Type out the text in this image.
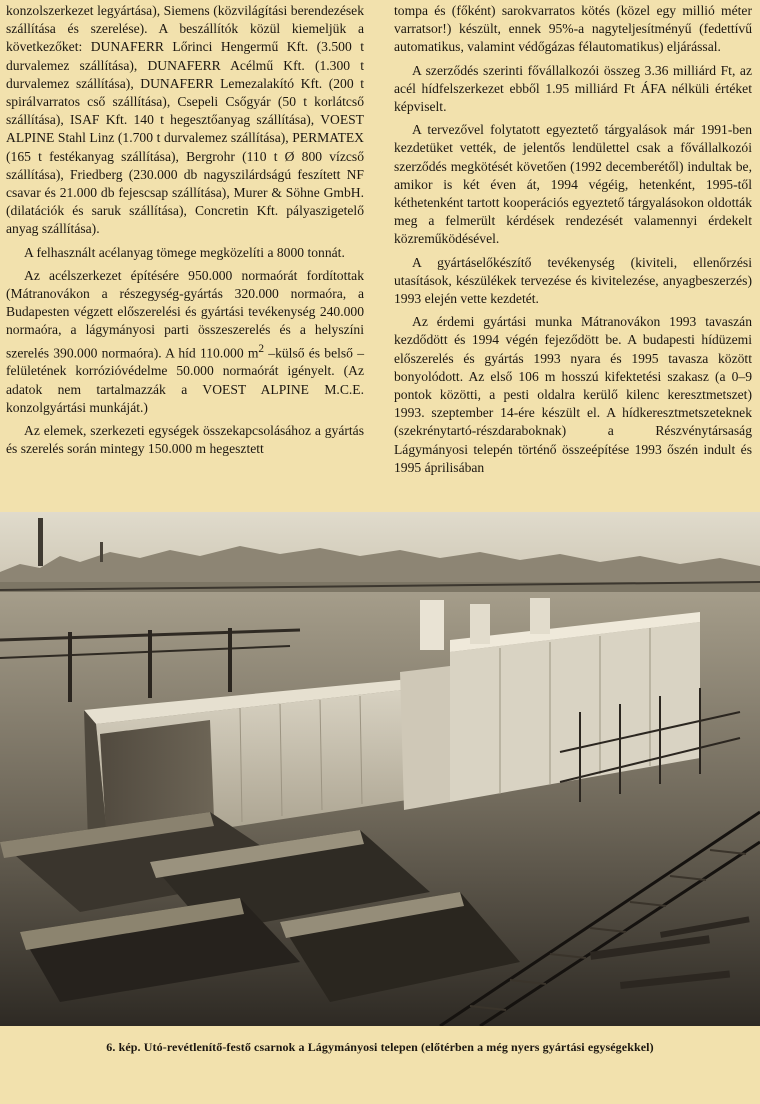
konzolszerkezet legyártása), Siemens (közvilágítási berendezések szállítása és szerelése). A beszállítók közül kiemeljük a következőket: DUNAFERR Lőrinci Hengermű Kft. (3.500 t durvalemez szállítása), DUNAFERR Acélmű Kft. (1.300 t durvalemez szállítása), DUNAFERR Lemezalakító Kft. (200 t spirálvarratos cső szállítása), Csepeli Csőgyár (50 t korlátcső szállítása), ISAF Kft. 140 t hegesztőanyag szállítása), VOEST ALPINE Stahl Linz (1.700 t durvalemez szállítása), PERMATEX (165 t festékanyag szállítása), Bergrohr (110 t Ø 800 vízcső szállítása), Friedberg (230.000 db nagyszilárdságú feszített NF csavar és 21.000 db fejescsap szállítása), Murer & Söhne GmbH. (dilatációk és saruk szállítása), Concretin Kft. pályaszigetelő anyag szállítása).

A felhasznált acélanyag tömege megközelíti a 8000 tonnát.

Az acélszerkezet építésére 950.000 normaórát fordítottak (Mátranovákon a részegység-gyártás 320.000 normaóra, a Budapesten végzett előszerelési és gyártási tevékenység 240.000 normaóra, a lágymányosi parti összeszerelés és a helyszíni szerelés 390.000 normaóra). A híd 110.000 $m^2$ –külső és belső – felületének korrózióvédelme 50.000 normaórát igényelt. (Az adatok nem tartalmazzák a VOEST ALPINE M.C.E. konzolgyártási munkáját.)

Az elemek, szerkezeti egységek összekapcsolásához a gyártás és szerelés során mintegy 150.000 m hegesztett

tompa és (főként) sarokvarratos kötés (közel egy millió méter varratsor!) készült, ennek 95%-a nagyteljesítményű (fedettívű automatikus, valamint védőgázas félautomatikus) eljárással.

A szerződés szerinti fővállalkozói összeg 3.36 milliárd Ft, az acél hídfelszerkezet ebből 1.95 milliárd Ft ÁFA nélküli értéket képviselt.

A tervezővel folytatott egyeztető tárgyalások már 1991-ben kezdetüket vették, de jelentős lendülettel csak a fővállalkozói szerződés megkötését követően (1992 decemberétől) indultak be, amikor is két éven át, 1994 végéig, hetenként, 1995-től kéthetenként tartott kooperációs egyeztető tárgyalásokon oldották meg a felmerült kérdések rendezését valamennyi érdekelt közreműködésével.

A gyártáselőkészítő tevékenység (kiviteli, ellenőrzési utasítások, készülékek tervezése és kivitelezése, anyagbeszerzés) 1993 elején vette kezdetét.

Az érdemi gyártási munka Mátranovákon 1993 tavaszán kezdődött és 1994 végén fejeződött be. A budapesti hídüzemi előszerelés és gyártás 1993 nyara és 1995 tavasza között bonyolódott. Az első 106 m hosszú kifektetési szakasz (a 0–9 pontok közötti, a pesti oldalra kerülő kilenc keresztmetszet) 1993. szeptember 14-ére készült el. A hídkeresztmetszeteknek (szekrénytartó-részdaraboknak) a Részvénytársaság Lágymányosi telepén történő összeépítése 1993 őszén indult és 1995 áprilisában

6. kép. Utó-revétlenítő-festő csarnok a Lágymányosi telepen (előtérben a még nyers gyártási egységekkel)
